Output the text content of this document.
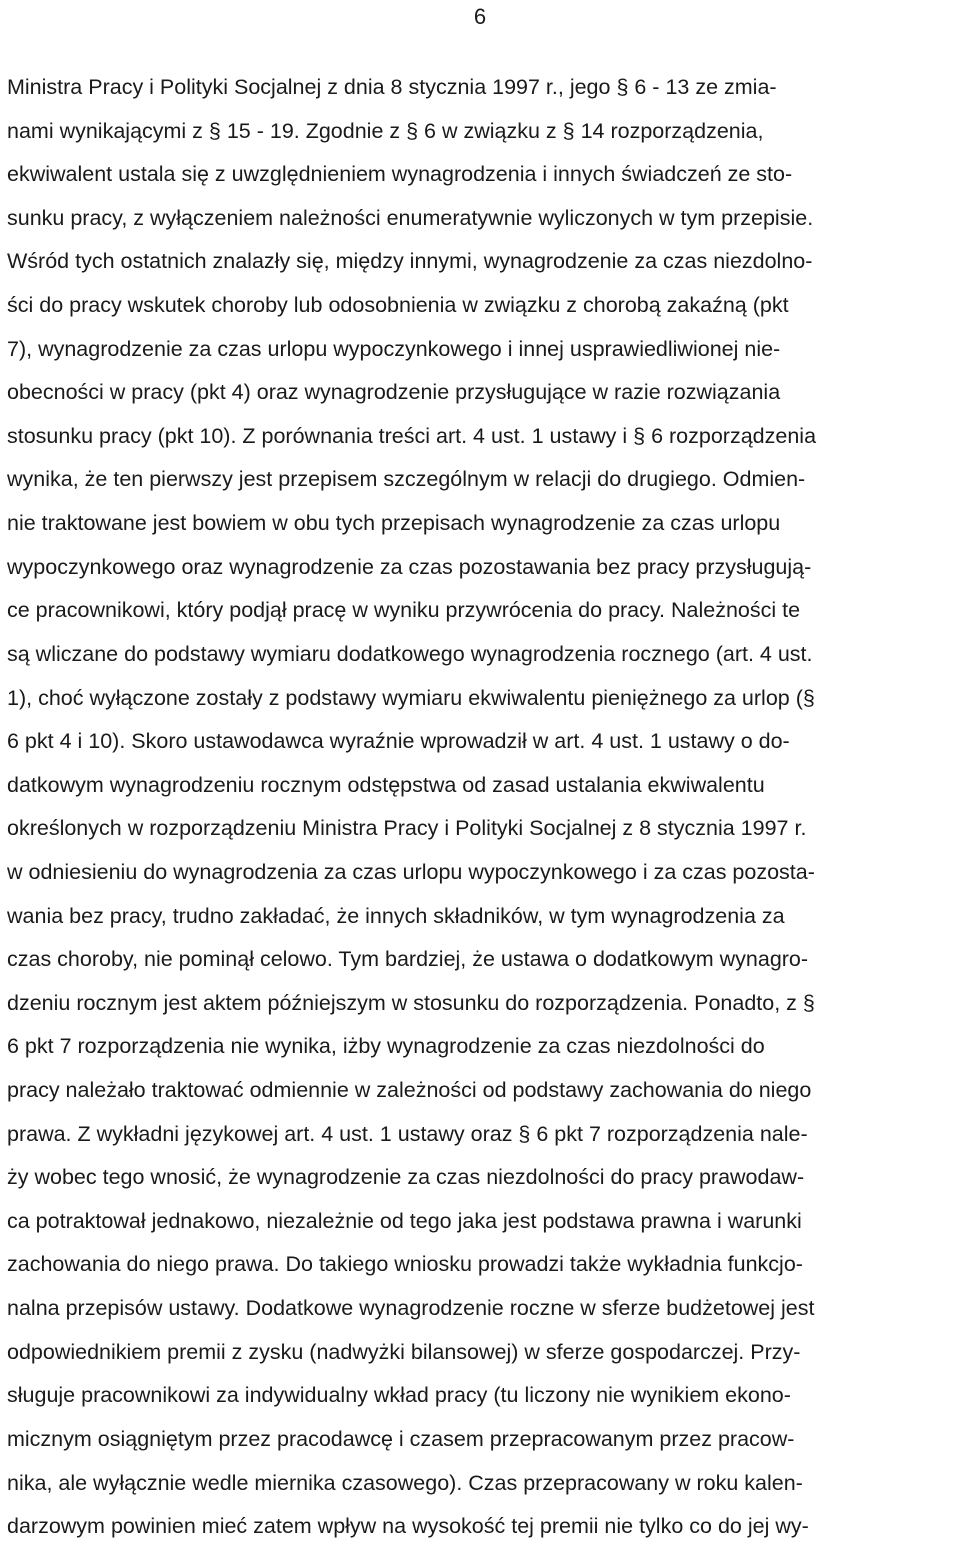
6
Ministra Pracy i Polityki Socjalnej z dnia 8 stycznia 1997 r., jego § 6 - 13 ze zmia-
nami wynikającymi z § 15 - 19. Zgodnie z § 6 w związku z § 14 rozporządzenia,
ekwiwalent ustala się z uwzględnieniem wynagrodzenia i innych świadczeń ze sto-
sunku pracy, z wyłączeniem należności enumeratywnie wyliczonych w tym przepisie.
Wśród tych ostatnich znalazły się, między innymi, wynagrodzenie za czas niezdolno-
ści do pracy wskutek choroby lub odosobnienia w związku z chorobą zakaźną (pkt
7), wynagrodzenie za czas urlopu wypoczynkowego i innej usprawiedliwionej nie-
obecności w pracy (pkt 4) oraz wynagrodzenie przysługujące w razie rozwiązania
stosunku pracy (pkt 10). Z porównania treści art. 4 ust. 1 ustawy i § 6 rozporządzenia
wynika, że ten pierwszy jest przepisem szczególnym w relacji do drugiego. Odmien-
nie traktowane jest bowiem w obu tych przepisach wynagrodzenie za czas urlopu
wypoczynkowego oraz wynagrodzenie za czas pozostawania bez pracy przysługują-
ce pracownikowi, który podjął pracę w wyniku przywrócenia do pracy. Należności te
są wliczane do podstawy wymiaru dodatkowego wynagrodzenia rocznego (art. 4 ust.
1), choć wyłączone zostały z podstawy wymiaru ekwiwalentu pieniężnego za urlop (§
6 pkt 4 i 10). Skoro ustawodawca wyraźnie wprowadził w art. 4 ust. 1 ustawy o do-
datkowym wynagrodzeniu rocznym odstępstwa od zasad ustalania ekwiwalentu
określonych w rozporządzeniu Ministra Pracy i Polityki Socjalnej z 8 stycznia 1997 r.
w odniesieniu do wynagrodzenia za czas urlopu wypoczynkowego i za czas pozosta-
wania bez pracy, trudno zakładać, że innych składników, w tym wynagrodzenia za
czas choroby, nie pominął celowo. Tym bardziej, że ustawa o dodatkowym wynagro-
dzeniu rocznym jest aktem późniejszym w stosunku do rozporządzenia. Ponadto, z §
6 pkt 7 rozporządzenia nie wynika, iżby wynagrodzenie za czas niezdolności do
pracy należało traktować odmiennie w zależności od podstawy zachowania do niego
prawa. Z wykładni językowej art. 4 ust. 1 ustawy oraz § 6 pkt 7 rozporządzenia nale-
ży wobec tego wnosić, że wynagrodzenie za czas niezdolności do pracy prawodaw-
ca potraktował jednakowo, niezależnie od tego jaka jest podstawa prawna i warunki
zachowania do niego prawa. Do takiego wniosku prowadzi także wykładnia funkcjo-
nalna przepisów ustawy. Dodatkowe wynagrodzenie roczne w sferze budżetowej jest
odpowiednikiem premii z zysku (nadwyżki bilansowej) w sferze gospodarczej. Przy-
sługuje pracownikowi za indywidualny wkład pracy (tu liczony nie wynikiem ekono-
micznym osiągniętym przez pracodawcę i czasem przepracowanym przez pracow-
nika, ale wyłącznie wedle miernika czasowego). Czas przepracowany w roku kalen-
darzowym powinien mieć zatem wpływ na wysokość tej premii nie tylko co do jej wy-
